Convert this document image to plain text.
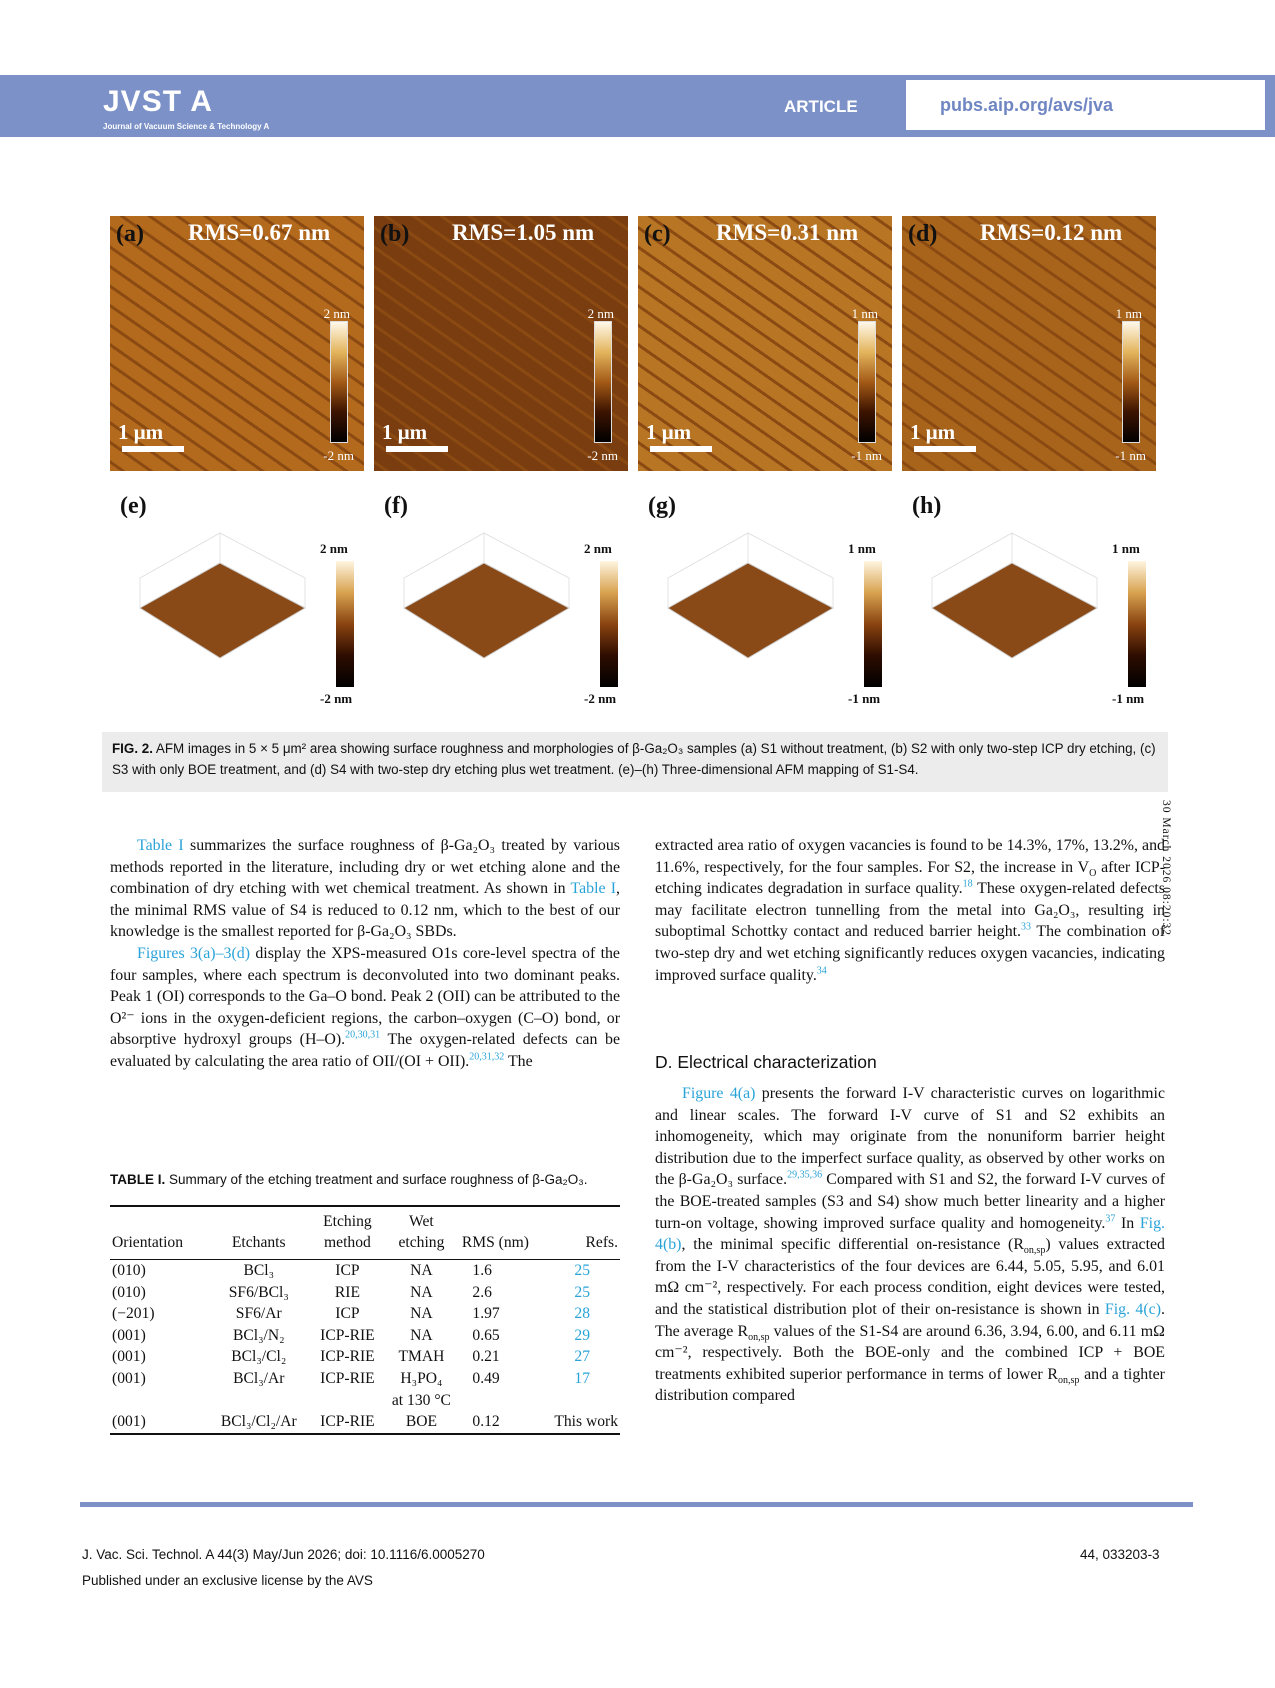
JVST A
Journal of Vacuum Science & Technology A
ARTICLE	pubs.aip.org/avs/jva
(a) RMS=0.67 nm
2 nm
-2 nm
1 μm
(b) RMS=1.05 nm
2 nm
-2 nm
1 μm
(c) RMS=0.31 nm
1 nm
-1 nm
1 μm
(d) RMS=0.12 nm
1 nm
-1 nm
1 μm
(e)
2 nm
-2 nm
(f)
2 nm
-2 nm
(g)
1 nm
-1 nm
(h)
1 nm
-1 nm
FIG. 2. AFM images in 5 × 5 μm² area showing surface roughness and morphologies of β-Ga₂O₃ samples (a) S1 without treatment, (b) S2 with only two-step ICP dry etching, (c) S3 with only BOE treatment, and (d) S4 with two-step dry etching plus wet treatment. (e)–(h) Three-dimensional AFM mapping of S1-S4.

Table I summarizes the surface roughness of β-Ga₂O₃ treated by various methods reported in the literature, including dry or wet etching alone and the combination of dry etching with wet chemical treatment. As shown in Table I, the minimal RMS value of S4 is reduced to 0.12 nm, which to the best of our knowledge is the smallest reported for β-Ga₂O₃ SBDs.

Figures 3(a)–3(d) display the XPS-measured O1s core-level spectra of the four samples, where each spectrum is deconvoluted into two dominant peaks. Peak 1 (OI) corresponds to the Ga–O bond. Peak 2 (OII) can be attributed to the O²⁻ ions in the oxygen-deficient regions, the carbon–oxygen (C–O) bond, or absorptive hydroxyl groups (H–O).$^{20,30,31}$ The oxygen-related defects can be evaluated by calculating the area ratio of OII/(OI + OII).$^{20,31,32}$ The

TABLE I. Summary of the etching treatment and surface roughness of β-Ga₂O₃.
Orientation	Etchants	Etching method	Wet etching	RMS (nm)	Refs.
(010)	BCl₃	ICP	NA	1.6	25
(010)	SF6/BCl₃	RIE	NA	2.6	25
(−201)	SF6/Ar	ICP	NA	1.97	28
(001)	BCl₃/N₂	ICP-RIE	NA	0.65	29
(001)	BCl₃/Cl₂	ICP-RIE	TMAH	0.21	27
(001)	BCl₃/Ar	ICP-RIE	H₃PO₄	0.49	17
			at 130 °C		
(001)	BCl₃/Cl₂/Ar	ICP-RIE	BOE	0.12	This work

extracted area ratio of oxygen vacancies is found to be 14.3%, 17%, 13.2%, and 11.6%, respectively, for the four samples. For S2, the increase in $V_O$ after ICP-etching indicates degradation in surface quality.$^{18}$ These oxygen-related defects may facilitate electron tunnelling from the metal into Ga₂O₃, resulting in suboptimal Schottky contact and reduced barrier height.$^{33}$ The combination of two-step dry and wet etching significantly reduces oxygen vacancies, indicating improved surface quality.$^{34}$

D. Electrical characterization

Figure 4(a) presents the forward I-V characteristic curves on logarithmic and linear scales. The forward I-V curve of S1 and S2 exhibits an inhomogeneity, which may originate from the nonuniform barrier height distribution due to the imperfect surface quality, as observed by other works on the β-Ga₂O₃ surface.$^{29,35,36}$ Compared with S1 and S2, the forward I-V curves of the BOE-treated samples (S3 and S4) show much better linearity and a higher turn-on voltage, showing improved surface quality and homogeneity.$^{37}$ In Fig. 4(b), the minimal specific differential on-resistance $(R_{on,sp})$ values extracted from the I-V characteristics of the four devices are 6.44, 5.05, 5.95, and 6.01 mΩ cm⁻², respectively. For each process condition, eight devices were tested, and the statistical distribution plot of their on-resistance is shown in Fig. 4(c). The average $R_{on,sp}$ values of the S1-S4 are around 6.36, 3.94, 6.00, and 6.11 mΩ cm⁻², respectively. Both the BOE-only and the combined ICP + BOE treatments exhibited superior performance in terms of lower $R_{on,sp}$ and a tighter distribution compared

30 March 2026 08:20:32
J. Vac. Sci. Technol. A 44(3) May/Jun 2026; doi: 10.1116/6.0005270
Published under an exclusive license by the AVS
44, 033203-3
